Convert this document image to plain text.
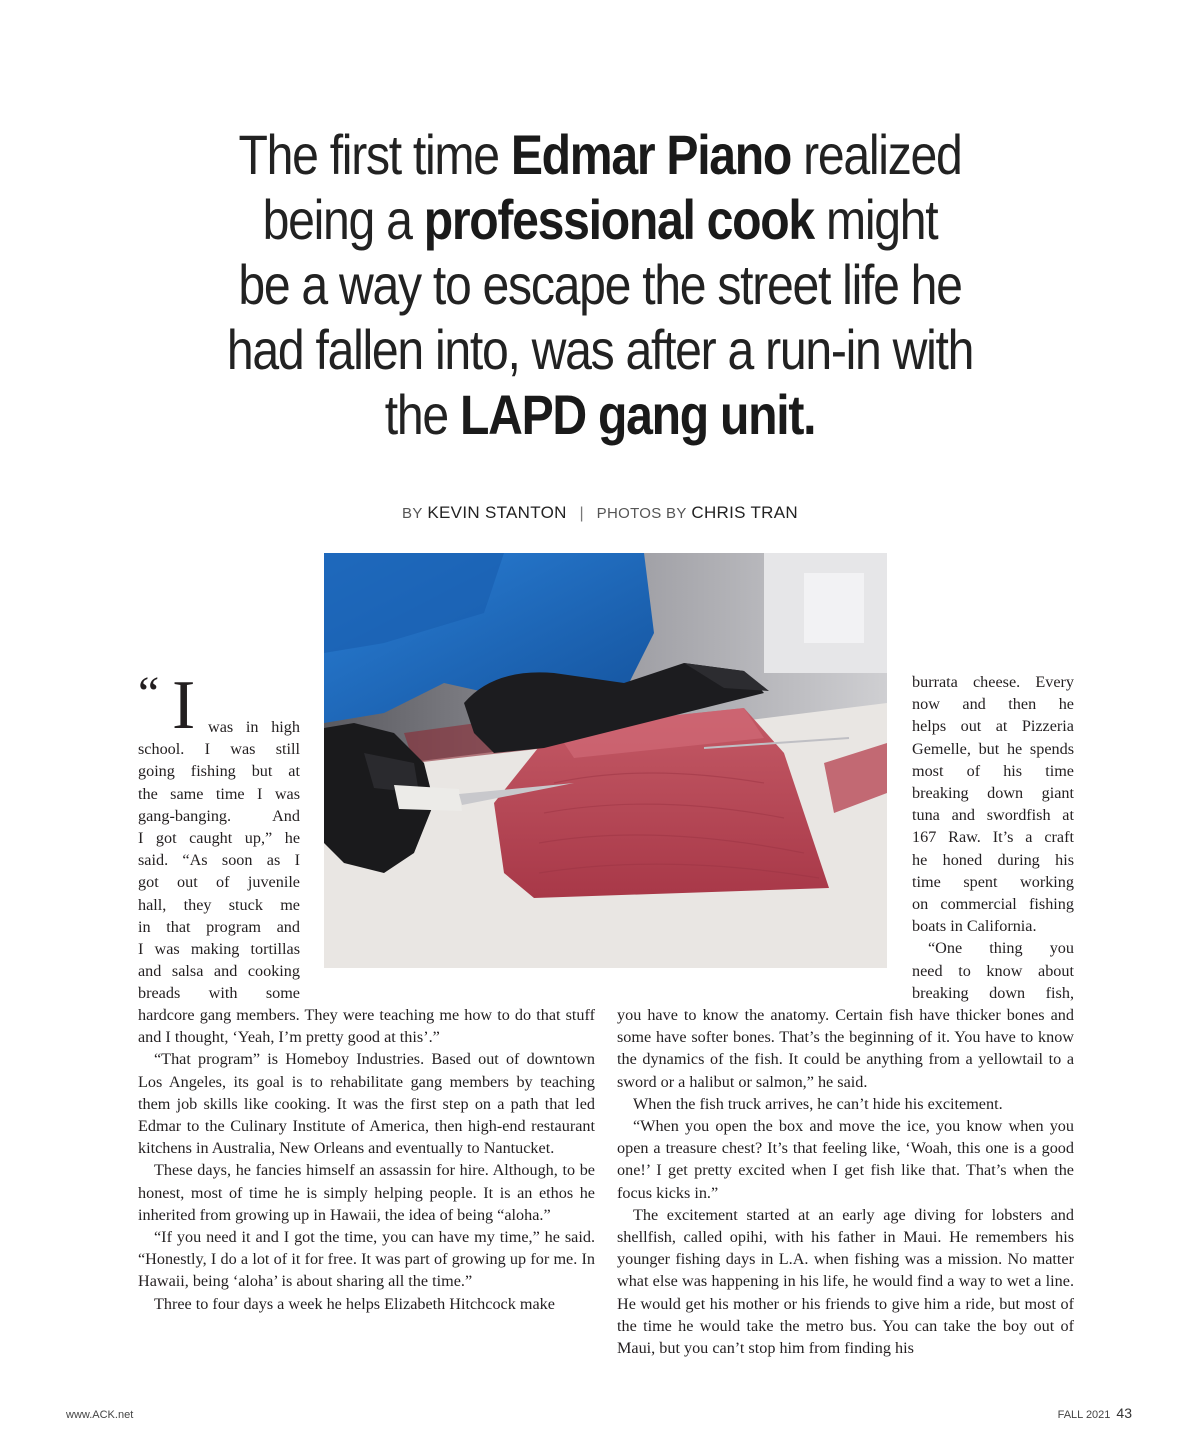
The first time Edmar Piano realized
being a professional cook might
be a way to escape the street life he
had fallen into, was after a run-in with
the LAPD gang unit.
BY KEVIN STANTON | PHOTOS BY CHRIS TRAN
“ I was in high
school. I was still
going fishing but at
the same time I was
gang-banging. And
I got caught up,” he
said. “As soon as I
got out of juvenile
hall, they stuck me
in that program and
I was making tortillas
and salsa and cooking
breads with some

hardcore gang members. They were teaching me how to do that stuff and I thought, ‘Yeah, I’m pretty good at this’.”

“That program” is Homeboy Industries. Based out of downtown Los Angeles, its goal is to rehabilitate gang members by teaching them job skills like cooking. It was the first step on a path that led Edmar to the Culinary Institute of America, then high-end restaurant kitchens in Australia, New Orleans and eventually to Nantucket.

These days, he fancies himself an assassin for hire. Although, to be honest, most of time he is simply helping people. It is an ethos he inherited from growing up in Hawaii, the idea of being “aloha.”

“If you need it and I got the time, you can have my time,” he said. “Honestly, I do a lot of it for free. It was part of growing up for me. In Hawaii, being ‘aloha’ is about sharing all the time.”

Three to four days a week he helps Elizabeth Hitchcock make

burrata cheese. Every
now and then he
helps out at Pizzeria
Gemelle, but he spends
most of his time
breaking down giant
tuna and swordfish at
167 Raw. It’s a craft
he honed during his
time spent working
on commercial fishing
boats in California.
“One thing you
need to know about
breaking down fish,

you have to know the anatomy. Certain fish have thicker bones and some have softer bones. That’s the beginning of it. You have to know the dynamics of the fish. It could be anything from a yellowtail to a sword or a halibut or salmon,” he said.

When the fish truck arrives, he can’t hide his excitement.

“When you open the box and move the ice, you know when you open a treasure chest? It’s that feeling like, ‘Woah, this one is a good one!’ I get pretty excited when I get fish like that. That’s when the focus kicks in.”

The excitement started at an early age diving for lobsters and shellfish, called opihi, with his father in Maui. He remembers his younger fishing days in L.A. when fishing was a mission. No matter what else was happening in his life, he would find a way to wet a line. He would get his mother or his friends to give him a ride, but most of the time he would take the metro bus. You can take the boy out of Maui, but you can’t stop him from finding his

www.ACK.net	FALL 2021 43
